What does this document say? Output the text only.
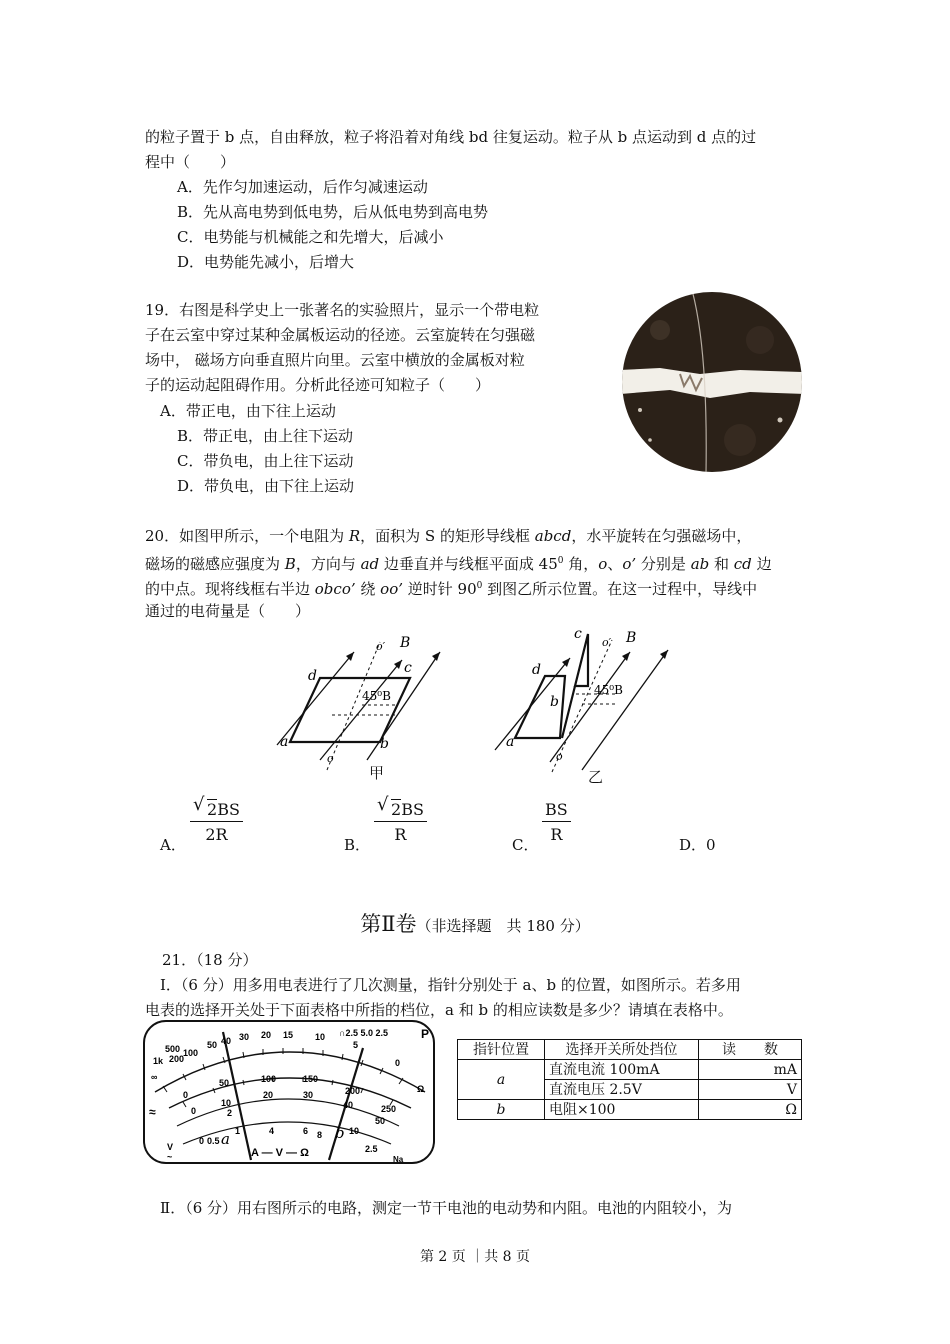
的粒子置于 b 点，自由释放，粒子将沿着对角线 bd 往复运动。粒子从 b 点运动到 d 点的过
程中（　　）
A．先作匀加速运动，后作匀减速运动
B．先从高电势到低电势，后从低电势到高电势
C．电势能与机械能之和先增大，后减小
D．电势能先减小，后增大
19．右图是科学史上一张著名的实验照片，显示一个带电粒
子在云室中穿过某种金属板运动的径迹。云室旋转在匀强磁
场中， 磁场方向垂直照片向里。云室中横放的金属板对粒
子的运动起阻碍作用。分析此径迹可知粒子（　　）
A．带正电，由下往上运动
B．带正电，由上往下运动
C．带负电，由上往下运动
D．带负电，由下往上运动
20．如图甲所示，一个电阻为 R，面积为 S 的矩形导线框 abcd，水平旋转在匀强磁场中，
磁场的磁感应强度为 B，方向与 ad 边垂直并与线框平面成 $45^0$ 角，o、o’ 分别是 ab 和 cd 边
的中点。现将线框右半边 obco’ 绕 oo’ 逆时针 $90^0$ 到图乙所示位置。在这一过程中，导线中
通过的电荷量是（　　）
d	c
a	b
B
o′
o
45⁰B
甲
d
c
a
b
B
o′
o
45⁰B
乙
A．
$\frac{√ 2BS}{2R}$
B．
$\frac{√ 2BS}{R}$
C．
$\frac{BS}{R}$
D．0
第Ⅱ卷（非选择题　共 180 分）
21．（18 分）
I．（6 分）用多用电表进行了几次测量，指针分别处于 a、b 的位置，如图所示。若多用
电表的选择开关处于下面表格中所指的档位，a 和 b 的相应读数是多少？请填在表格中。
∞
1k
500
200
100
50 40 30 20 15 10
5
0
∩2.5 5.0 2.5	P
Ω
≈
V
~
0
50	100	150
200
250
0
10
20	30
40
50
0 0.5
1
2
4	6 8	10
2.5
A — V — Ω
Na
a	b
指针位置	选择开关所处挡位	读　　数
a	直流电流 100mA	mA
	直流电压 2.5V	V
b	电阻×100	Ω
Ⅱ．（6 分）用右图所示的电路，测定一节干电池的电动势和内阻。电池的内阻较小，为
第 2 页 ｜共 8 页
